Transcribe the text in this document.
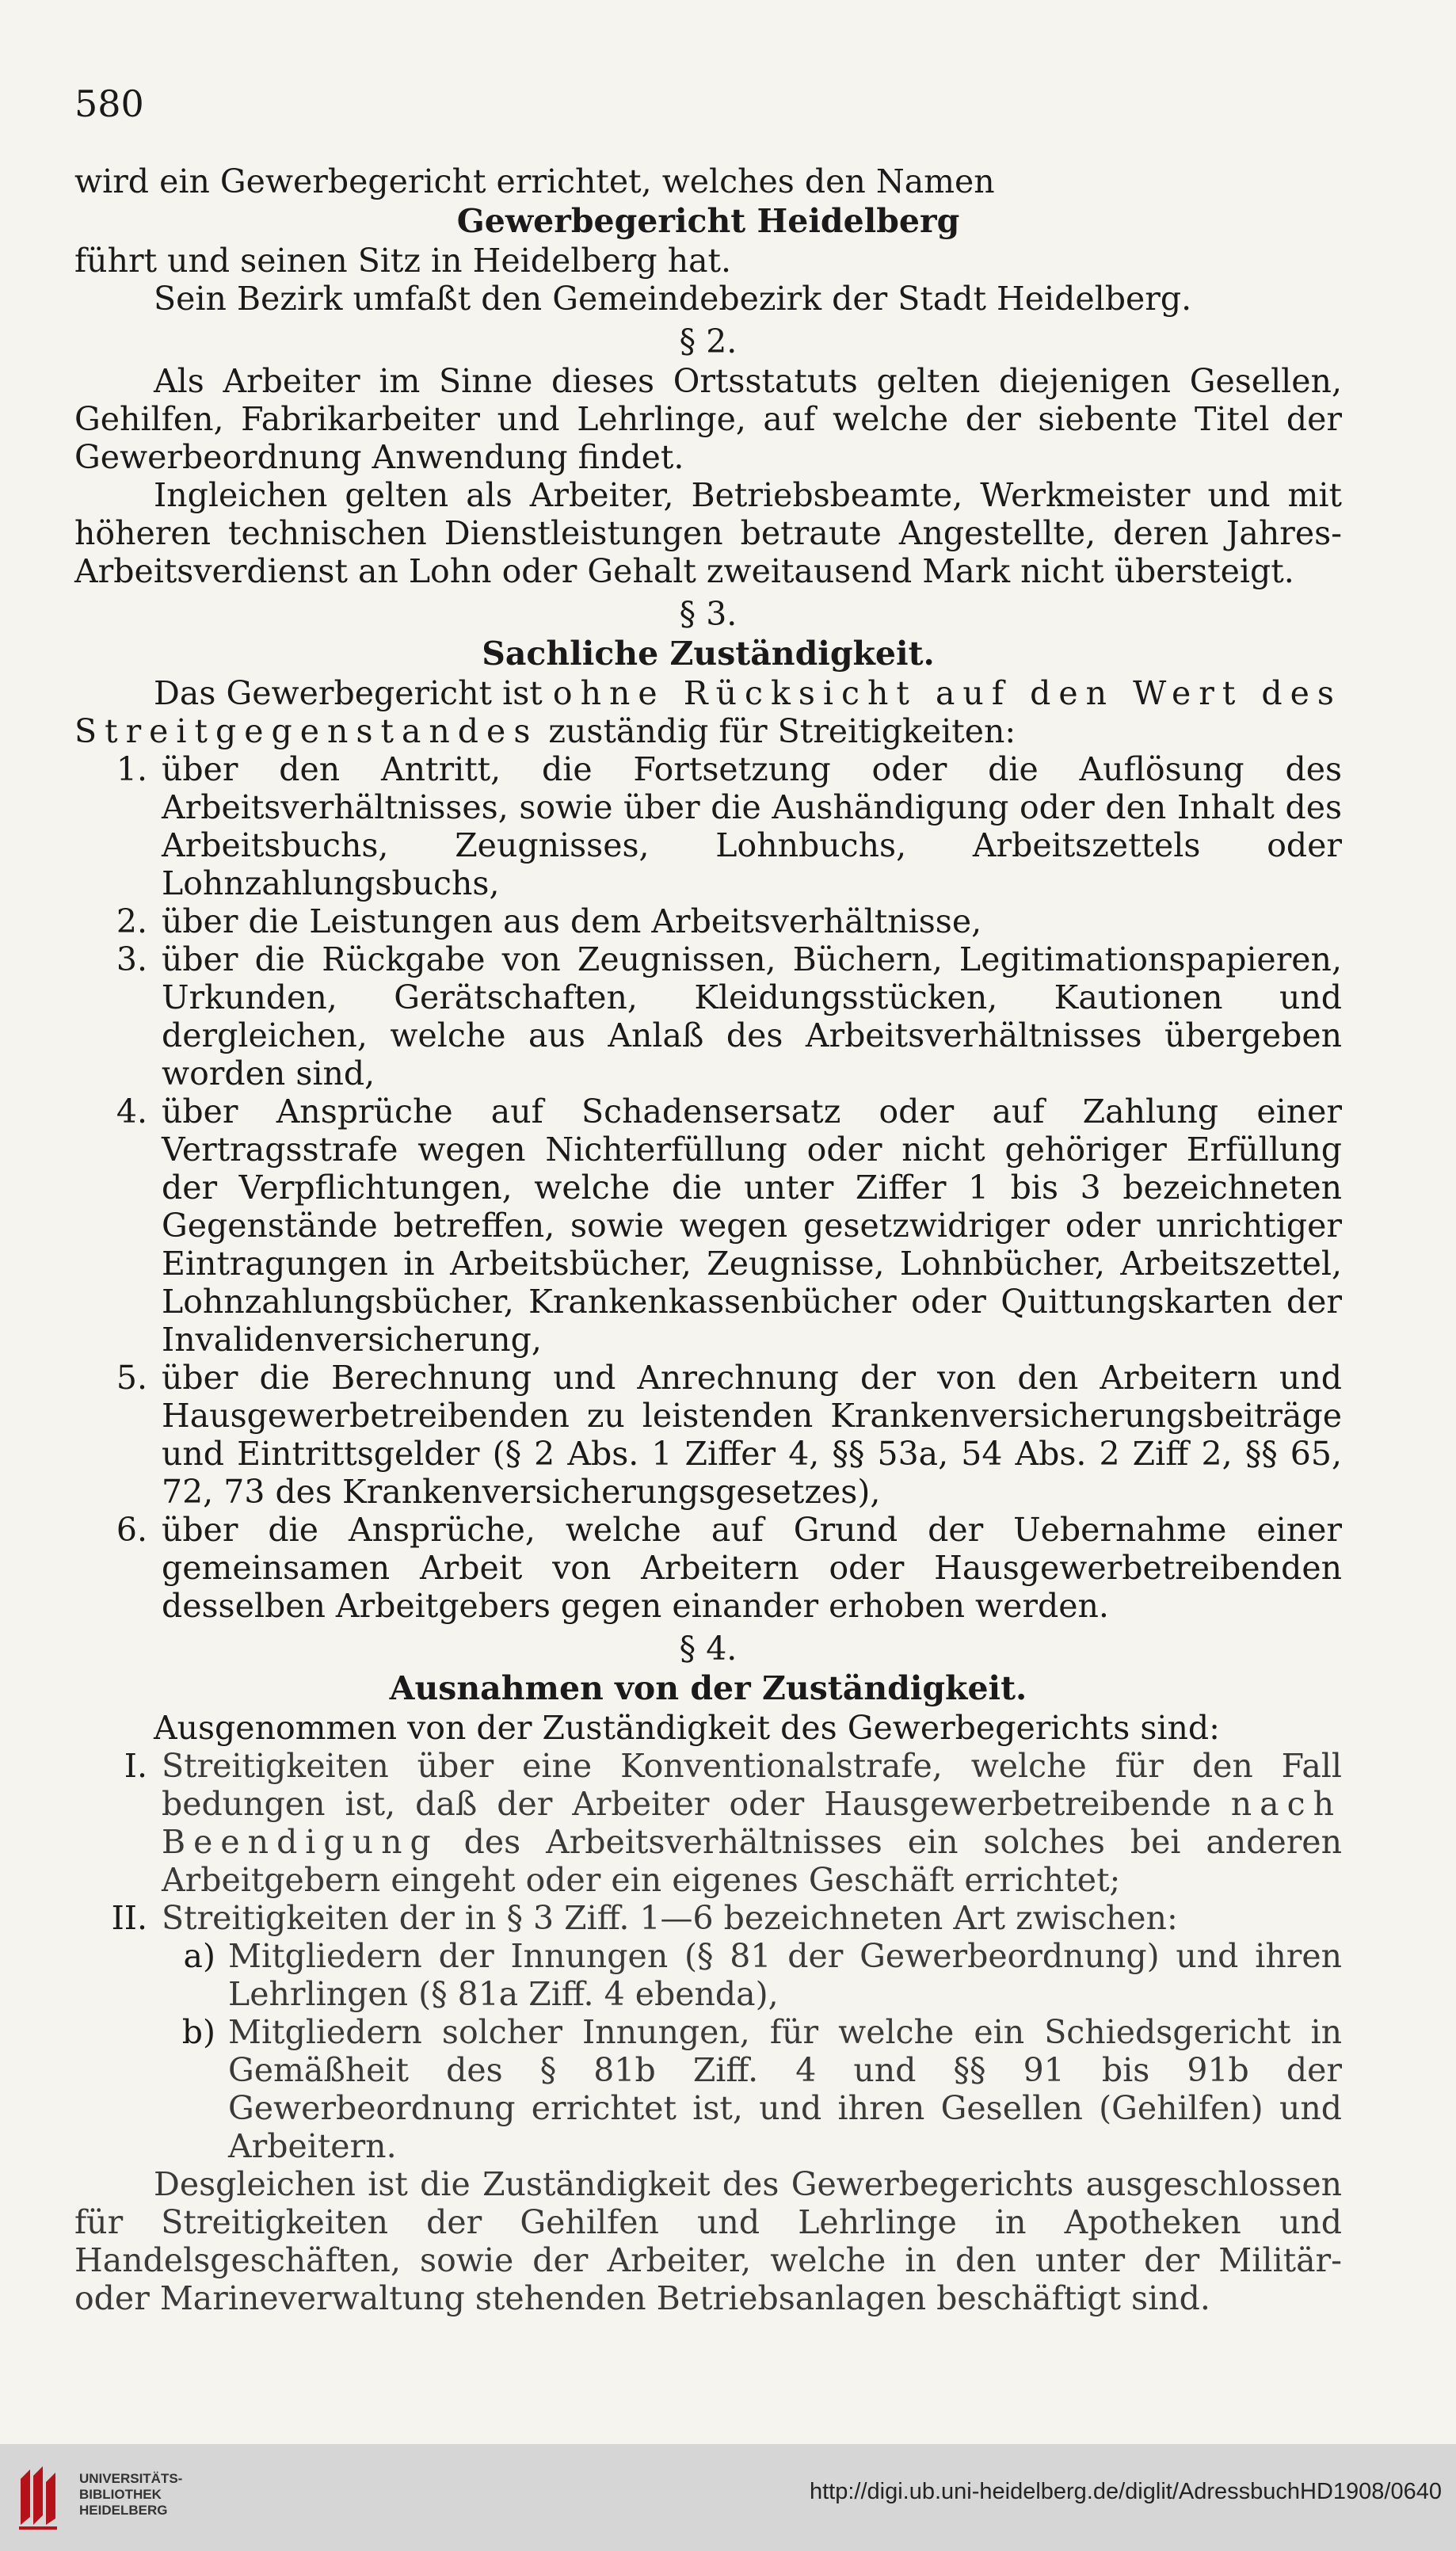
580

wird ein Gewerbegericht errichtet, welches den Namen

Gewerbegericht Heidelberg

führt und seinen Sitz in Heidelberg hat.

Sein Bezirk umfaßt den Gemeindebezirk der Stadt Heidelberg.

§ 2.

Als Arbeiter im Sinne dieses Ortsstatuts gelten diejenigen Gesellen, Gehilfen, Fabrikarbeiter und Lehrlinge, auf welche der siebente Titel der Gewerbeordnung Anwendung findet.

Ingleichen gelten als Arbeiter, Betriebsbeamte, Werkmeister und mit höheren technischen Dienstleistungen betraute Angestellte, deren Jahres-Arbeitsverdienst an Lohn oder Gehalt zweitausend Mark nicht übersteigt.

§ 3.

Sachliche Zuständigkeit.

Das Gewerbegericht ist ohne Rücksicht auf den Wert des Streitgegenstandes zuständig für Streitigkeiten:

1. über den Antritt, die Fortsetzung oder die Auflösung des Arbeitsverhältnisses, sowie über die Aushändigung oder den Inhalt des Arbeitsbuchs, Zeugnisses, Lohnbuchs, Arbeitszettels oder Lohnzahlungsbuchs,
2. über die Leistungen aus dem Arbeitsverhältnisse,
3. über die Rückgabe von Zeugnissen, Büchern, Legitimationspapieren, Urkunden, Gerätschaften, Kleidungsstücken, Kautionen und dergleichen, welche aus Anlaß des Arbeitsverhältnisses übergeben worden sind,
4. über Ansprüche auf Schadensersatz oder auf Zahlung einer Vertragsstrafe wegen Nichterfüllung oder nicht gehöriger Erfüllung der Verpflichtungen, welche die unter Ziffer 1 bis 3 bezeichneten Gegenstände betreffen, sowie wegen gesetzwidriger oder unrichtiger Eintragungen in Arbeitsbücher, Zeugnisse, Lohnbücher, Arbeitszettel, Lohnzahlungsbücher, Krankenkassenbücher oder Quittungskarten der Invalidenversicherung,
5. über die Berechnung und Anrechnung der von den Arbeitern und Hausgewerbetreibenden zu leistenden Krankenversicherungsbeiträge und Eintrittsgelder (§ 2 Abs. 1 Ziffer 4, §§ 53a, 54 Abs. 2 Ziff 2, §§ 65, 72, 73 des Krankenversicherungsgesetzes),
6. über die Ansprüche, welche auf Grund der Uebernahme einer gemeinsamen Arbeit von Arbeitern oder Hausgewerbetreibenden desselben Arbeitgebers gegen einander erhoben werden.

§ 4.

Ausnahmen von der Zuständigkeit.

Ausgenommen von der Zuständigkeit des Gewerbegerichts sind:

I. Streitigkeiten über eine Konventionalstrafe, welche für den Fall bedungen ist, daß der Arbeiter oder Hausgewerbetreibende nach Beendigung des Arbeitsverhältnisses ein solches bei anderen Arbeitgebern eingeht oder ein eigenes Geschäft errichtet;
II. Streitigkeiten der in § 3 Ziff. 1—6 bezeichneten Art zwischen:
a) Mitgliedern der Innungen (§ 81 der Gewerbeordnung) und ihren Lehrlingen (§ 81a Ziff. 4 ebenda),
b) Mitgliedern solcher Innungen, für welche ein Schiedsgericht in Gemäßheit des § 81b Ziff. 4 und §§ 91 bis 91b der Gewerbeordnung errichtet ist, und ihren Gesellen (Gehilfen) und Arbeitern.

Desgleichen ist die Zuständigkeit des Gewerbegerichts ausgeschlossen für Streitigkeiten der Gehilfen und Lehrlinge in Apotheken und Handelsgeschäften, sowie der Arbeiter, welche in den unter der Militär- oder Marineverwaltung stehenden Betriebsanlagen beschäftigt sind.

UNIVERSITÄTS-
BIBLIOTHEK
HEIDELBERG
http://digi.ub.uni-heidelberg.de/diglit/AdressbuchHD1908/0640
